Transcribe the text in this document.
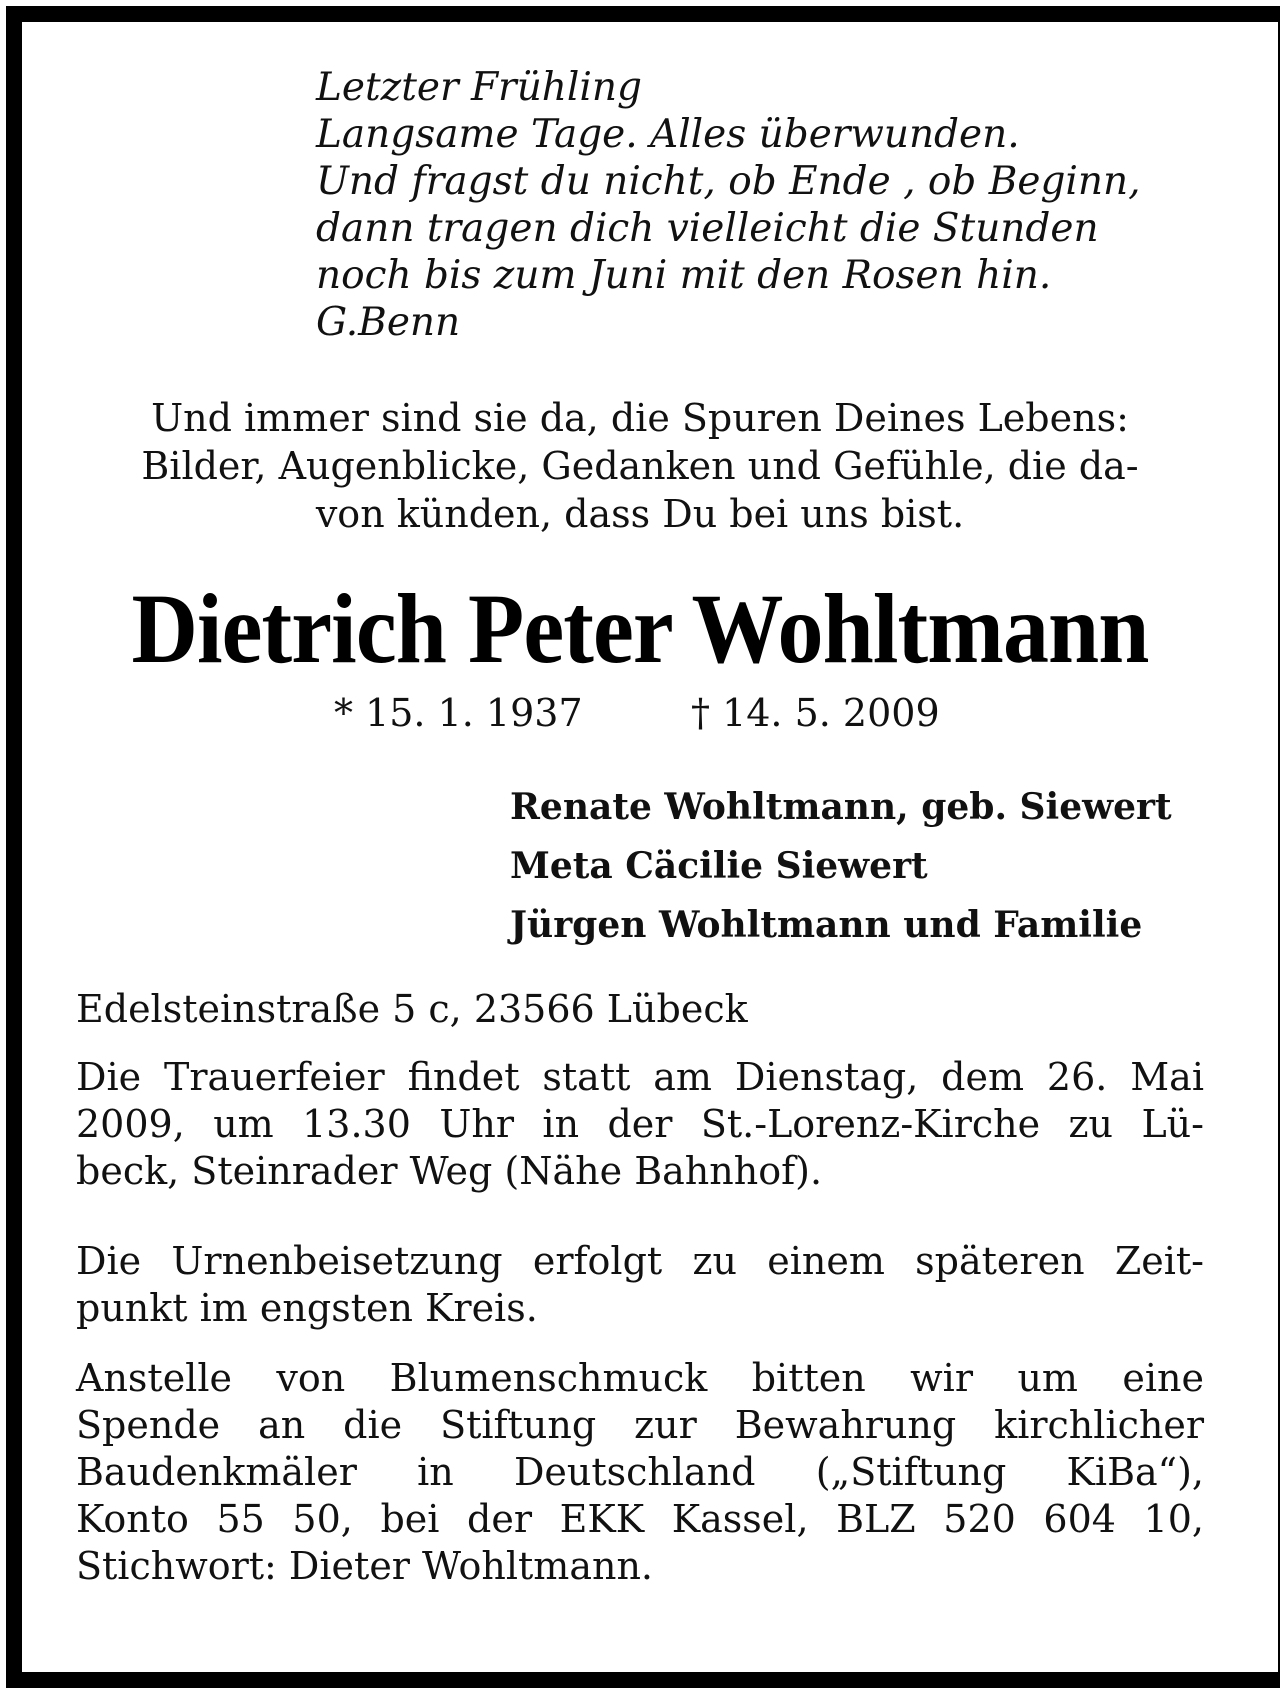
Letzter Frühling
Langsame Tage. Alles überwunden.
Und fragst du nicht, ob Ende , ob Beginn,
dann tragen dich vielleicht die Stunden
noch bis zum Juni mit den Rosen hin.
G.Benn
Und immer sind sie da, die Spuren Deines Lebens:
Bilder, Augenblicke, Gedanken und Gefühle, die da-
von künden, dass Du bei uns bist.
Dietrich Peter Wohltmann
* 15. 1. 1937	† 14. 5. 2009
Renate Wohltmann, geb. Siewert
Meta Cäcilie Siewert
Jürgen Wohltmann und Familie
Edelsteinstraße 5 c, 23566 Lübeck
Die Trauerfeier findet statt am Dienstag, dem 26. Mai
2009, um 13.30 Uhr in der St.-Lorenz-Kirche zu Lü-
beck, Steinrader Weg (Nähe Bahnhof).
Die Urnenbeisetzung erfolgt zu einem späteren Zeit-
punkt im engsten Kreis.
Anstelle von Blumenschmuck bitten wir um eine
Spende an die Stiftung zur Bewahrung kirchlicher
Baudenkmäler in Deutschland („Stiftung KiBa“),
Konto 55 50, bei der EKK Kassel, BLZ 520 604 10,
Stichwort: Dieter Wohltmann.
